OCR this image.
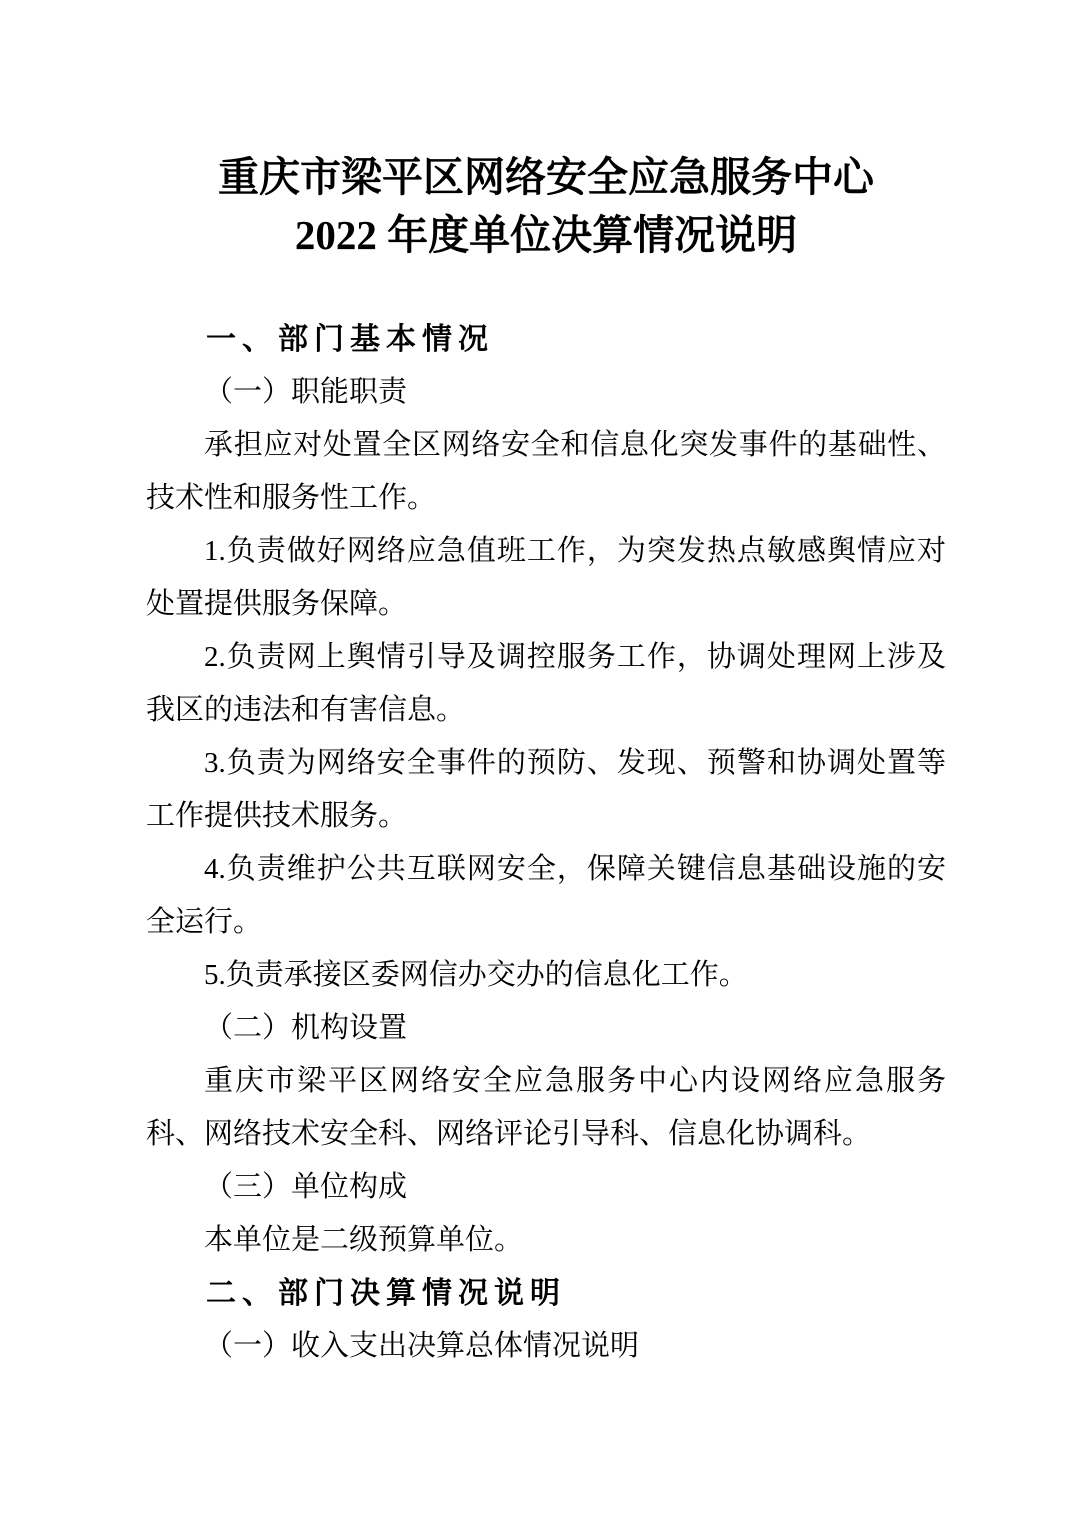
重庆市梁平区网络安全应急服务中心
2022 年度单位决算情况说明

一、部门基本情况

（一）职能职责

承担应对处置全区网络安全和信息化突发事件的基础性、技术性和服务性工作。

1.负责做好网络应急值班工作，为突发热点敏感舆情应对处置提供服务保障。

2.负责网上舆情引导及调控服务工作，协调处理网上涉及我区的违法和有害信息。

3.负责为网络安全事件的预防、发现、预警和协调处置等工作提供技术服务。

4.负责维护公共互联网安全，保障关键信息基础设施的安全运行。

5.负责承接区委网信办交办的信息化工作。

（二）机构设置

重庆市梁平区网络安全应急服务中心内设网络应急服务科、网络技术安全科、网络评论引导科、信息化协调科。

（三）单位构成

本单位是二级预算单位。

二、部门决算情况说明

（一）收入支出决算总体情况说明
